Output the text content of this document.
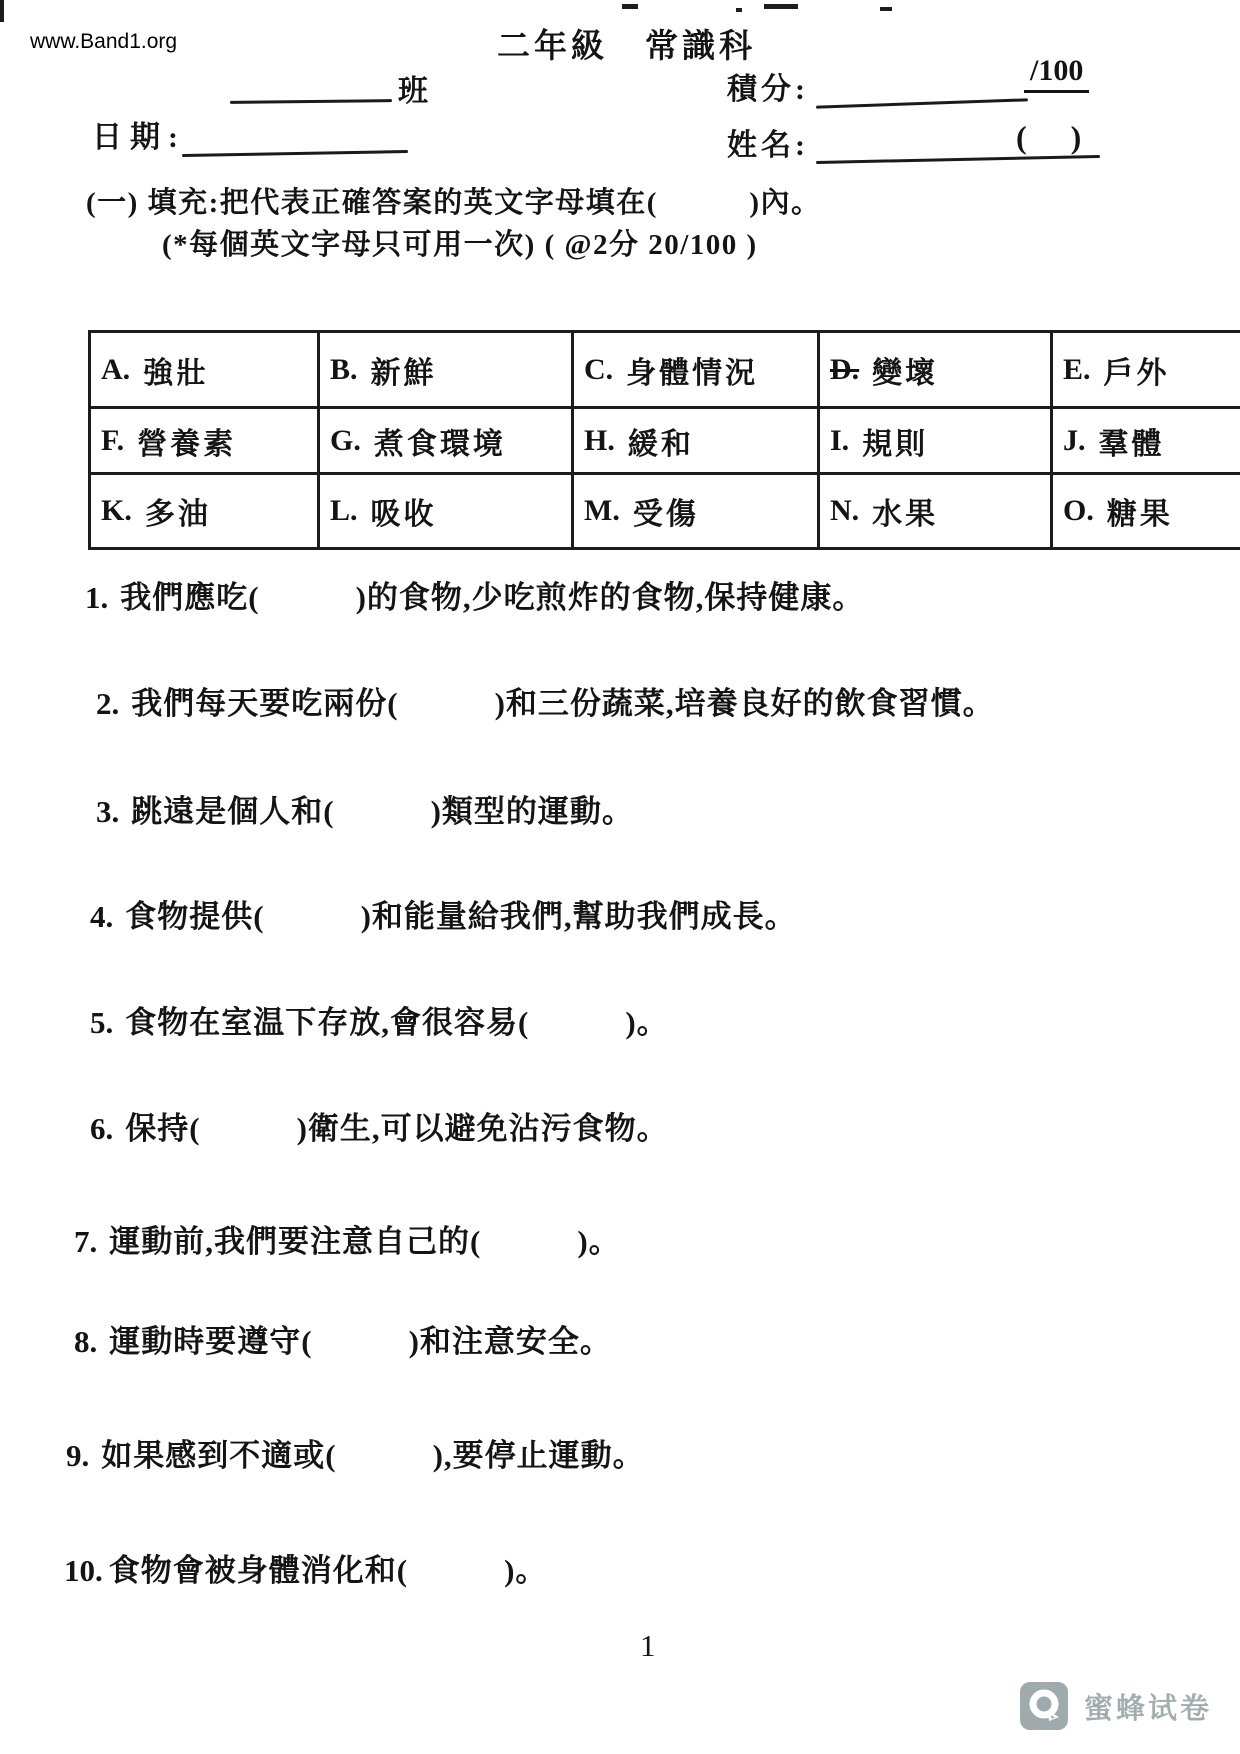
www.Band1.org	二年級　常識科
班	積分:
/100
日期:	姓名:	(　)
(一) 填充:把代表正確答案的英文字母填在(　　　)內。
(*每個英文字母只可用一次) ( @2分 20/100 )
A. 強壯	B. 新鮮	C. 身體情況 D. 變壞	E. 戶外
F. 營養素	G. 煮食環境	H. 緩和	I. 規則	J. 羣體
K. 多油	L. 吸收	M. 受傷	N. 水果	O. 糖果
1. 我們應吃(　　　)的食物,少吃煎炸的食物,保持健康。
2. 我們每天要吃兩份(　　　)和三份蔬菜,培養良好的飲食習慣。
3. 跳遠是個人和(　　　)類型的運動。
4. 食物提供(　　　)和能量給我們,幫助我們成長。
5. 食物在室温下存放,會很容易(　　　)。
6. 保持(　　　)衛生,可以避免沾污食物。
7. 運動前,我們要注意自己的(　　　)。
8. 運動時要遵守(　　　)和注意安全。
9. 如果感到不適或(　　　),要停止運動。
10. 食物會被身體消化和(　　　)。
1
蜜蜂试卷
